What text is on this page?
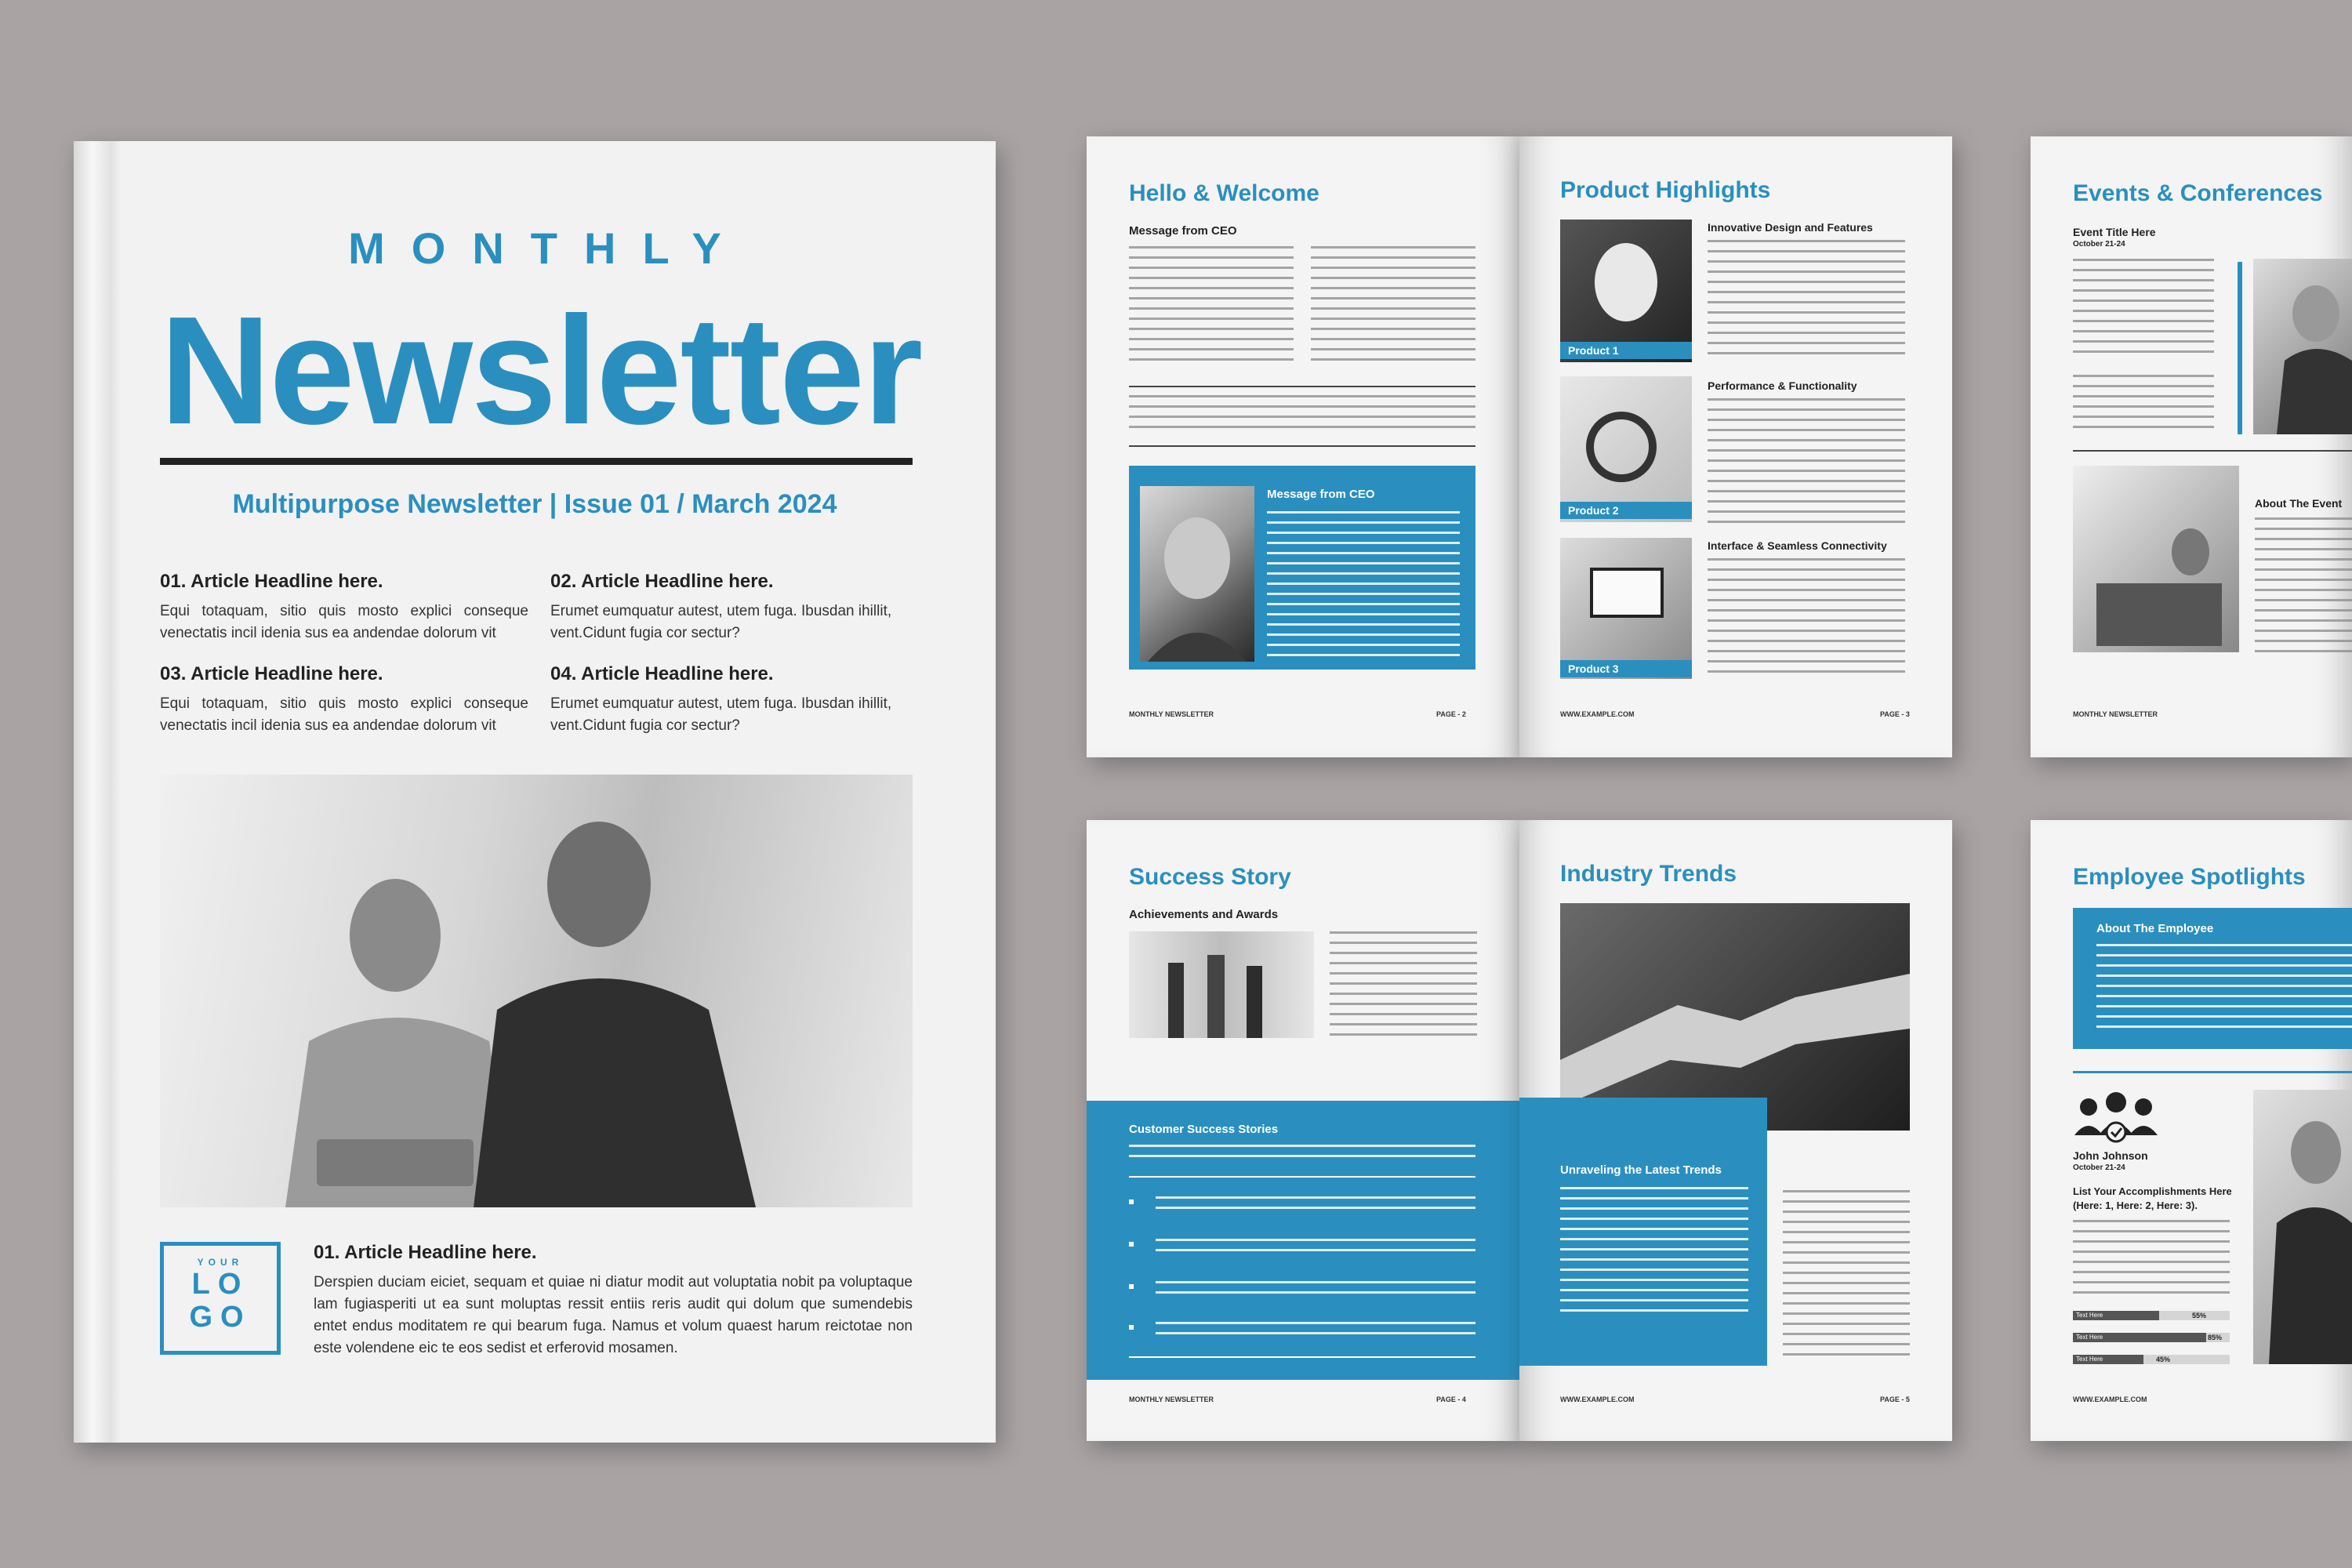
MONTHLY
Newsletter
Multipurpose Newsletter | Issue 01 / March 2024
01. Article Headline here.
Equi totaquam, sitio quis mosto explici conseque venectatis incil idenia sus ea andendae dolorum vit
02. Article Headline here.
Erumet eumquatur autest, utem fuga. Ibusdan ihillit, vent.Cidunt fugia cor sectur?
03. Article Headline here.
Equi totaquam, sitio quis mosto explici conseque venectatis incil idenia sus ea andendae dolorum vit
04. Article Headline here.
Erumet eumquatur autest, utem fuga. Ibusdan ihillit, vent.Cidunt fugia cor sectur?
YOUR
LO
GO
01. Article Headline here.
Derspien duciam eiciet, sequam et quiae ni diatur modit aut voluptatia nobit pa voluptaque lam fugiasperiti ut ea sunt moluptas ressit entiis reris audit qui dolum que sumendebis entet endus moditatem re qui bearum fuga. Namus et volum quaest harum reictotae non este volendene eic te eos sedist et erferovid mosamen.
Hello & Welcome
Message from CEO
Message from CEO
MONTHLY NEWSLETTER	PAGE - 2
Product Highlights
Product 1
Innovative Design and Features
Product 2
Performance & Functionality
Product 3
Interface & Seamless Connectivity
WWW.EXAMPLE.COM	PAGE - 3
Success Story
Achievements and Awards
Customer Success Stories
MONTHLY NEWSLETTER	PAGE - 4
Industry Trends
Unraveling the Latest Trends
WWW.EXAMPLE.COM	PAGE - 5
Events & Conferences
Event Title Here
October 21-24
About The Event
MONTHLY NEWSLETTER
Employee Spotlights
About The Employee
John Johnson
October 21-24
List Your Accomplishments Here
(Here: 1, Here: 2, Here: 3).
Text Here	55%
Text Here	85%
Text Here	45%
WWW.EXAMPLE.COM
